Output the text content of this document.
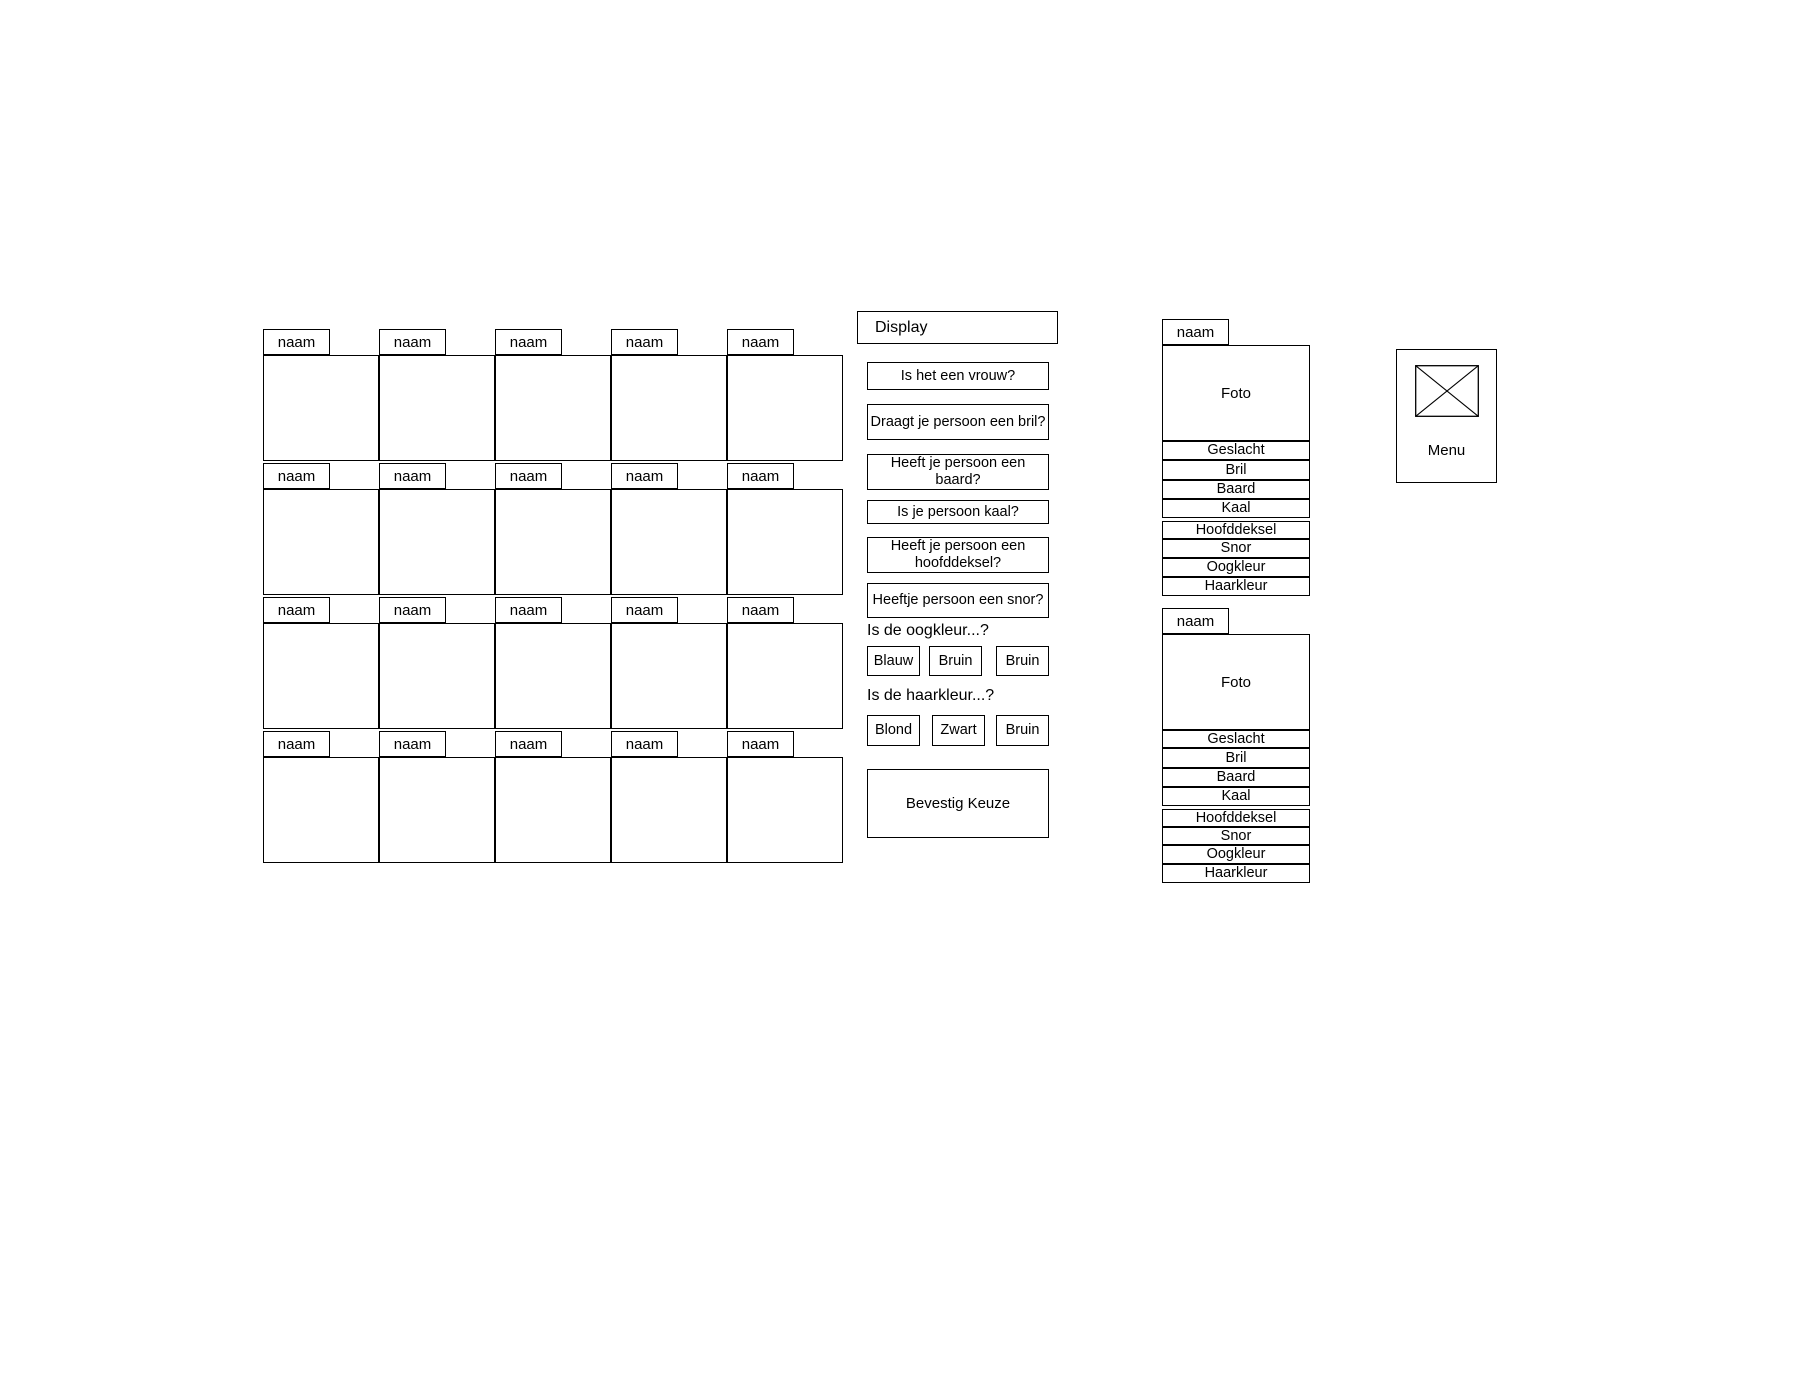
naam	naam	naam	naam	naam
naam	naam	naam	naam	naam
naam	naam	naam	naam	naam
naam	naam	naam	naam	naam
Display
Is het een vrouw?
Draagt je persoon een bril?
Heeft je persoon een baard?
Is je persoon kaal?
Heeft je persoon een hoofddeksel?
Heeftje persoon een snor?
Is de oogkleur...?
Blauw	Bruin	Bruin
Is de haarkleur...?
Blond	Zwart	Bruin
Bevestig Keuze
naam
Foto
Geslacht
Bril
Baard
Kaal
Hoofddeksel
Snor
Oogkleur
Haarkleur
naam
Foto
Geslacht
Bril
Baard
Kaal
Hoofddeksel
Snor
Oogkleur
Haarkleur
Menu
